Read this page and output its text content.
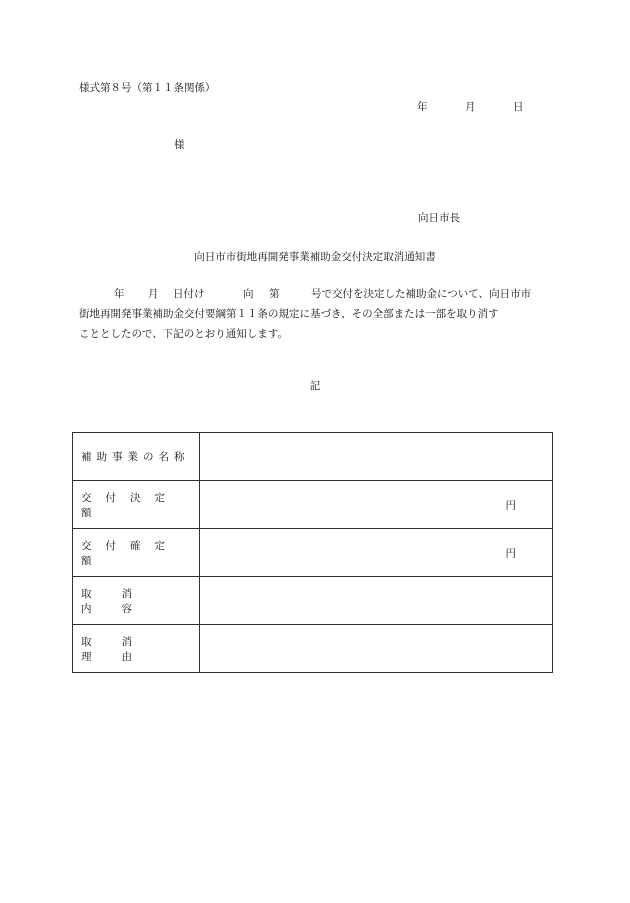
様式第８号（第１１条関係）
年	月	日
様
向日市長
向日市市街地再開発事業補助金交付決定取消通知書
年 月 日付け	向 第	号で交付を決定した補助金について、向日市市
街地再開発事業補助金交付要綱第１１条の規定に基づき、その全部または一部を取り消す
こととしたので、下記のとおり通知します。
記
補助事業の名称	
交付決定額	円

交付確定額	円

取消内容	
取消理由	
